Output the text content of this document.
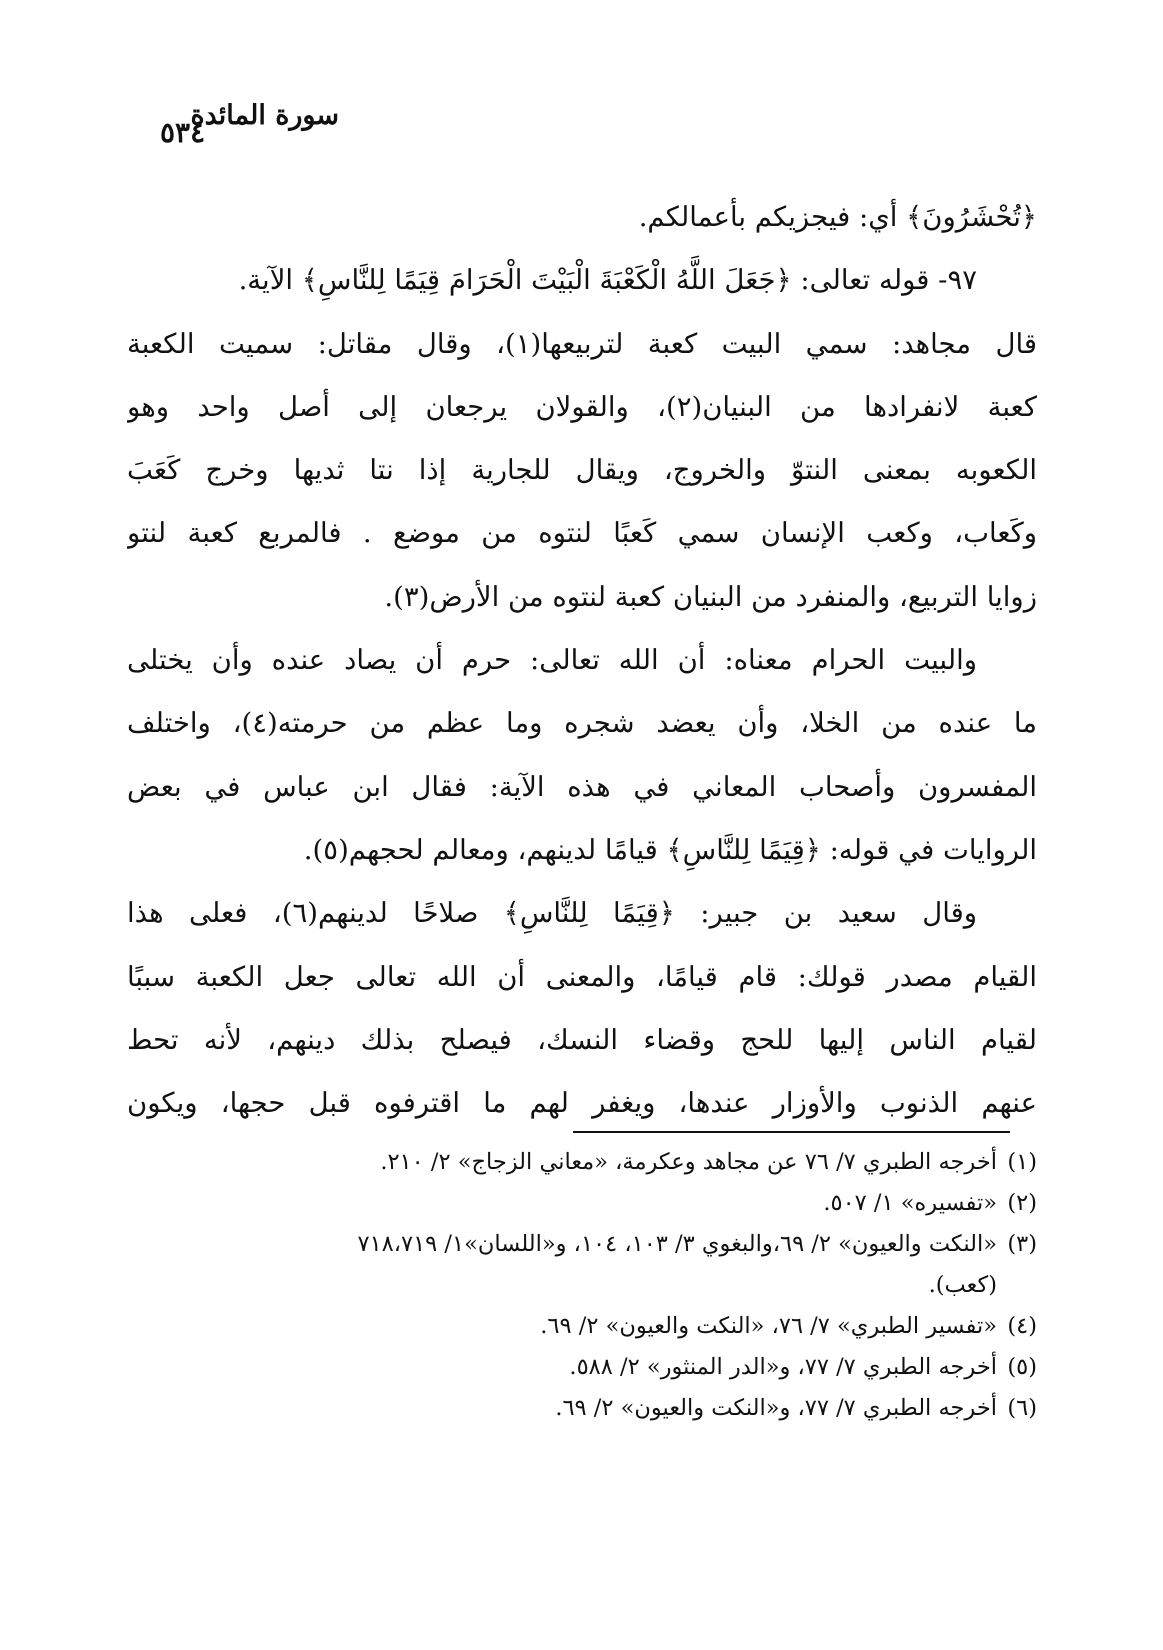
سورة المائدة
٥٣٤
﴿تُحْشَرُونَ﴾ أي: فيجزيكم بأعمالكم.
٩٧- قوله تعالى: ﴿جَعَلَ اللَّهُ الْكَعْبَةَ الْبَيْتَ الْحَرَامَ قِيَمًا لِلنَّاسِ﴾ الآية.
قال مجاهد: سمي البيت كعبة لتربيعها(١)، وقال مقاتل: سميت الكعبة
كعبة لانفرادها من البنيان(٢)، والقولان يرجعان إلى أصل واحد وهو
الكعوبه بمعنى النتوّ والخروج، ويقال للجارية إذا نتا ثديها وخرج كَعَبَ
وكَعاب، وكعب الإنسان سمي كَعبًا لنتوه من موضع . فالمربع كعبة لنتو
زوايا التربيع، والمنفرد من البنيان كعبة لنتوه من الأرض(٣).
والبيت الحرام معناه: أن الله تعالى: حرم أن يصاد عنده وأن يختلى
ما عنده من الخلا، وأن يعضد شجره وما عظم من حرمته(٤)، واختلف
المفسرون وأصحاب المعاني في هذه الآية: فقال ابن عباس في بعض
الروايات في قوله: ﴿قِيَمًا لِلنَّاسِ﴾ قيامًا لدينهم، ومعالم لحجهم(٥).
وقال سعيد بن جبير: ﴿قِيَمًا لِلنَّاسِ﴾ صلاحًا لدينهم(٦)، فعلى هذا
القيام مصدر قولك: قام قيامًا، والمعنى أن الله تعالى جعل الكعبة سببًا
لقيام الناس إليها للحج وقضاء النسك، فيصلح بذلك دينهم، لأنه تحط
عنهم الذنوب والأوزار عندها، ويغفر لهم ما اقترفوه قبل حجها، ويكون
(١)أخرجه الطبري ٧/ ٧٦ عن مجاهد وعكرمة، «معاني الزجاج» ٢/ ٢١٠.
(٢)«تفسيره» ١/ ٥٠٧.
(٣)«النكت والعيون» ٢/ ٦٩،والبغوي ٣/ ١٠٣، ١٠٤، و«اللسان»١/ ٧١٨،٧١٩
(كعب).
(٤)«تفسير الطبري» ٧/ ٧٦، «النكت والعيون» ٢/ ٦٩.
(٥)أخرجه الطبري ٧/ ٧٧، و«الدر المنثور» ٢/ ٥٨٨.
(٦)أخرجه الطبري ٧/ ٧٧، و«النكت والعيون» ٢/ ٦٩.
